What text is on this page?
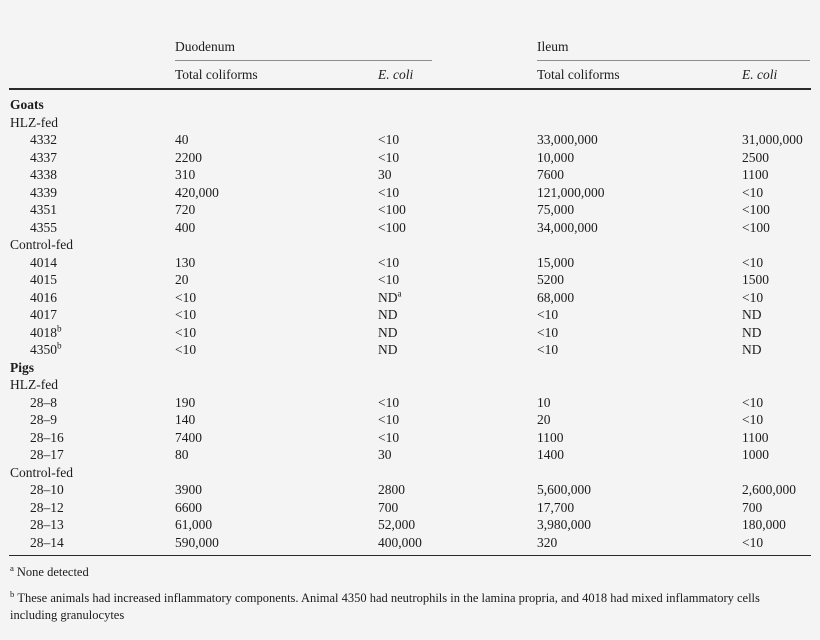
Duodenum	Ileum
Total coliforms	E. coli	Total coliforms	E. coli
Goats
HLZ-fed
4332	40	<10	33,000,000	31,000,000
4337	2200	<10	10,000	2500
4338	310	30	7600	1100
4339	420,000	<10	121,000,000	<10
4351	720	<100	75,000	<100
4355	400	<100	34,000,000	<100
Control-fed
4014	130	<10	15,000	<10
4015	20	<10	5200	1500
4016	<10	$ND^a$	68,000	<10
4017	<10	ND	<10	ND
$4018^b$	<10	ND	<10	ND
$4350^b$	<10	ND	<10	ND
Pigs
HLZ-fed
28–8	190	<10	10	<10
28–9	140	<10	20	<10
28–16	7400	<10	1100	1100
28–17	80	30	1400	1000
Control-fed
28–10	3900	2800	5,600,000	2,600,000
28–12	6600	700	17,700	700
28–13	61,000	52,000	3,980,000	180,000
28–14	590,000	400,000	320	<10
$^a$ None detected
$^b$ These animals had increased inflammatory components. Animal 4350 had neutrophils in the lamina propria, and 4018 had mixed inflammatory cells including granulocytes
